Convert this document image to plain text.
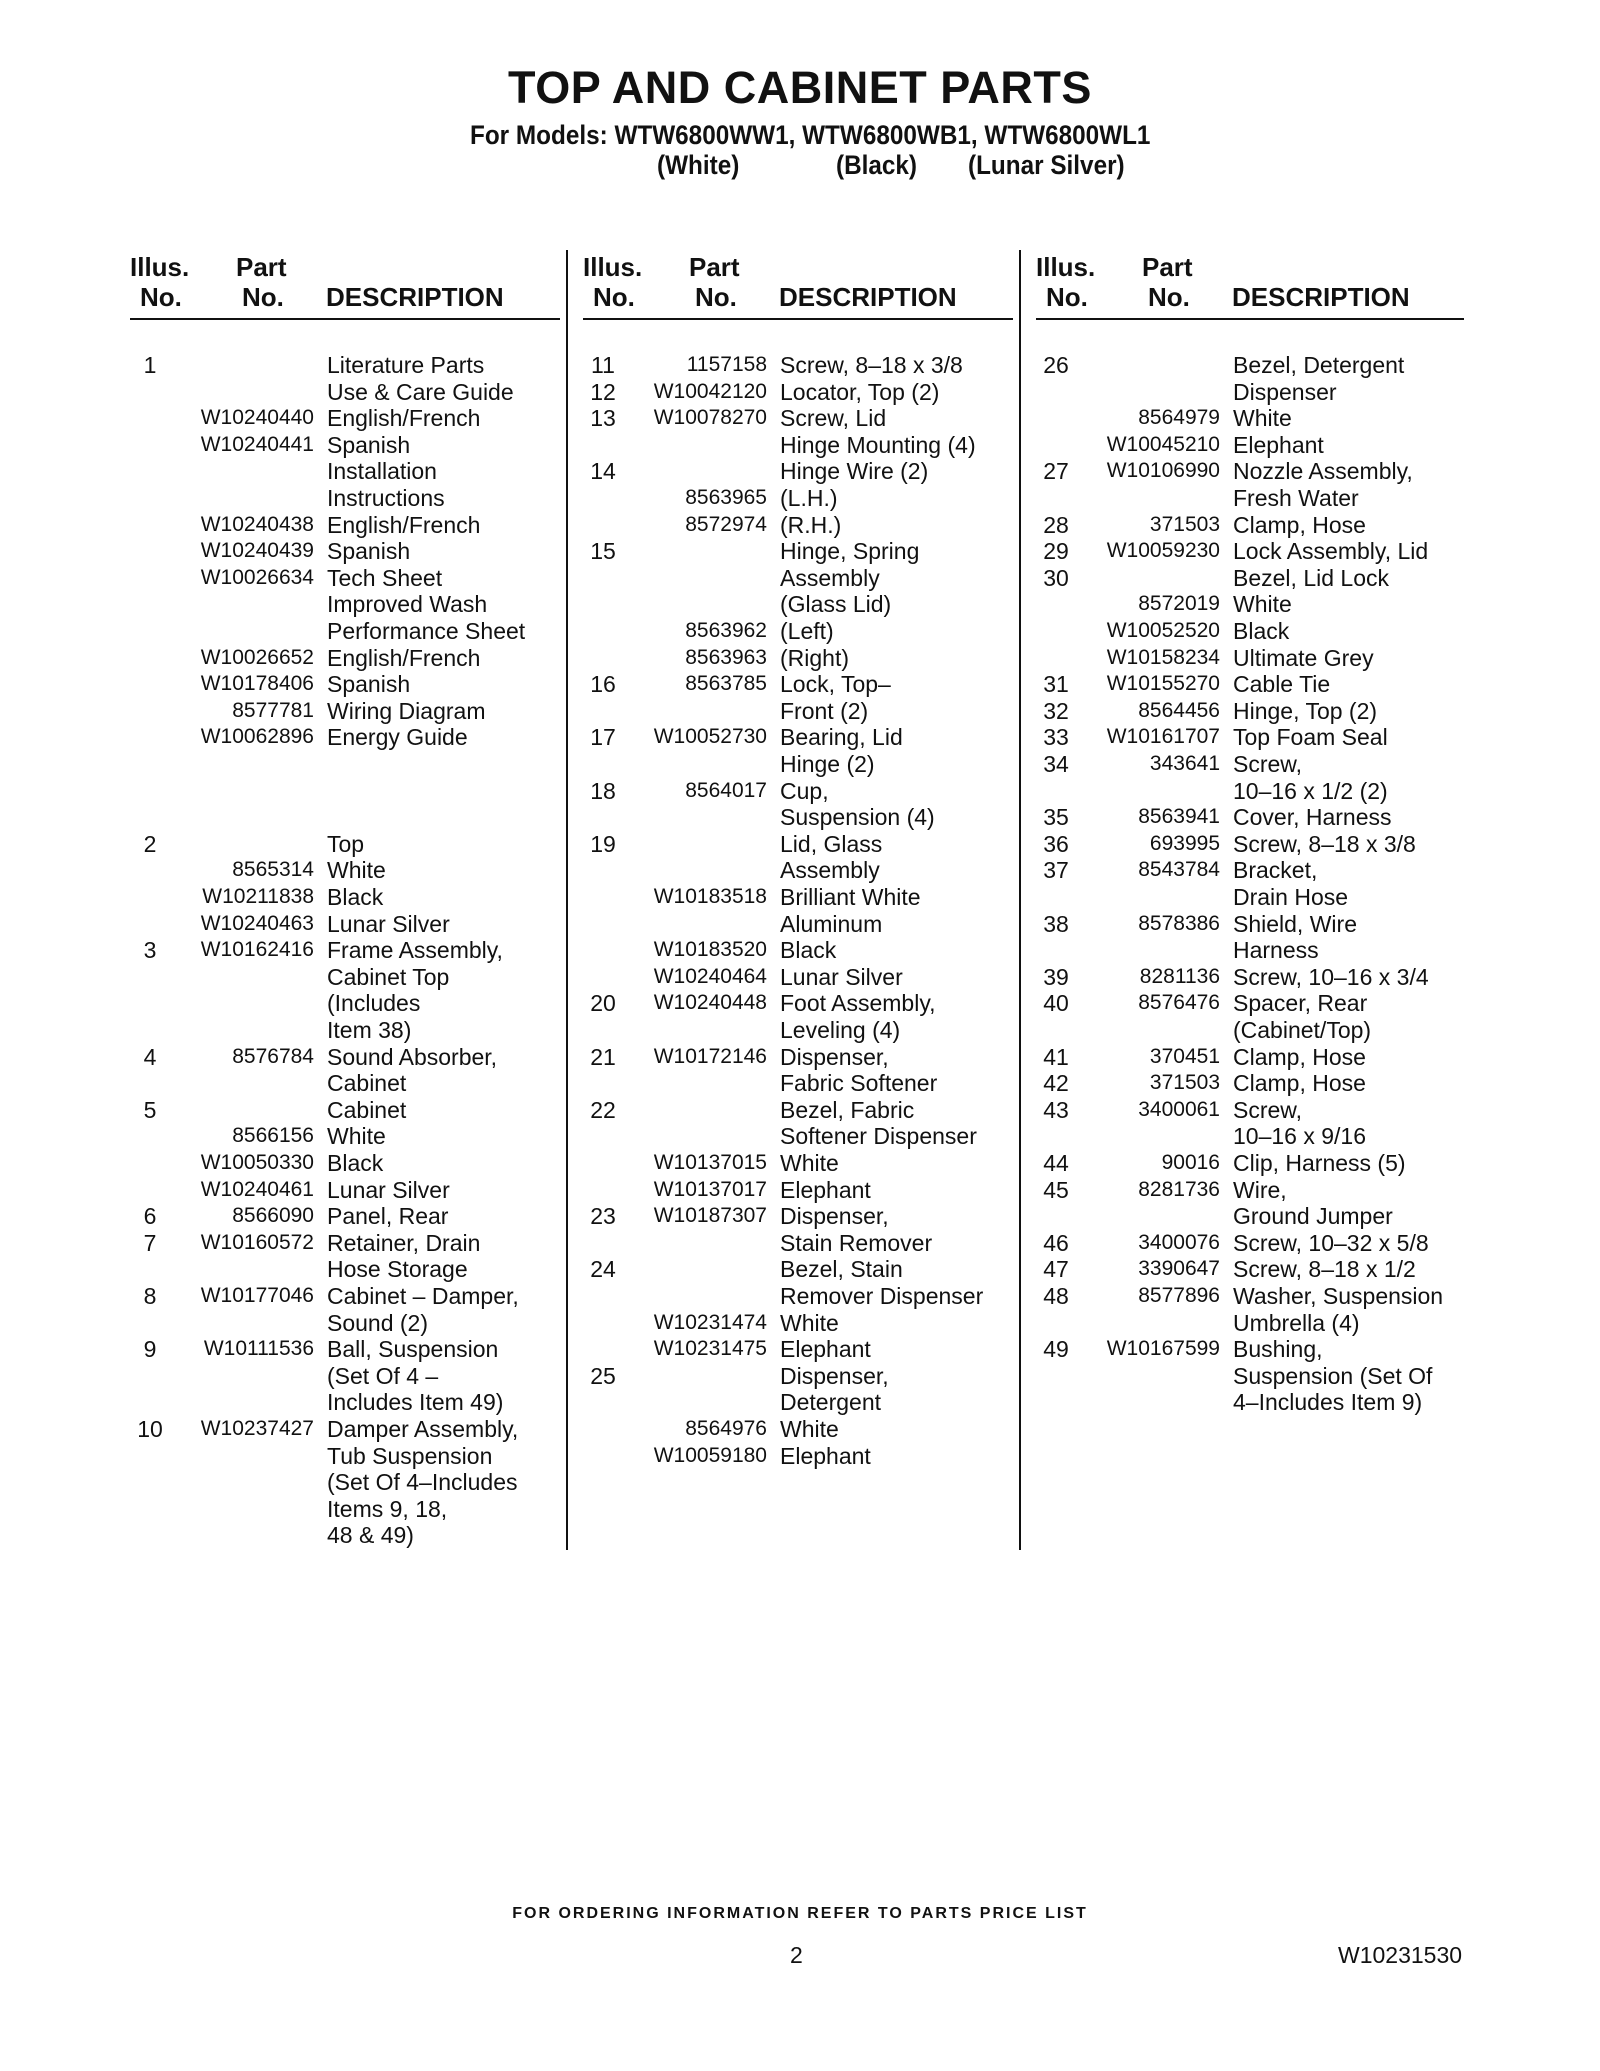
TOP AND CABINET PARTS
For Models: WTW6800WW1, WTW6800WB1, WTW6800WL1
(White)	(Black) (Lunar Silver)
Illus. Part
No. No. DESCRIPTION
1	Literature Parts
Use & Care Guide
W10240440 English/French
W10240441 Spanish
Installation
Instructions
W10240438 English/French
W10240439 Spanish
W10026634 Tech Sheet
Improved Wash
Performance Sheet
W10026652 English/French
W10178406 Spanish
8577781 Wiring Diagram
W10062896 Energy Guide
2	Top
8565314 White
W10211838 Black
W10240463 Lunar Silver
3	W10162416 Frame Assembly,
Cabinet Top
(Includes
Item 38)
4	8576784 Sound Absorber,
Cabinet
5	Cabinet
8566156 White
W10050330 Black
W10240461 Lunar Silver
6	8566090 Panel, Rear
7	W10160572 Retainer, Drain
Hose Storage
8	W10177046 Cabinet – Damper,
Sound (2)
9	W10111536 Ball, Suspension
(Set Of 4 –
Includes Item 49)
10	W10237427 Damper Assembly,
Tub Suspension
(Set Of 4–Includes
Items 9, 18,
48 & 49)
Illus. Part
No. No. DESCRIPTION
11	1157158 Screw, 8–18 x 3/8
12	W10042120 Locator, Top (2)
13	W10078270 Screw, Lid
Hinge Mounting (4)
14	Hinge Wire (2)
8563965 (L.H.)
8572974 (R.H.)
15	Hinge, Spring
Assembly
(Glass Lid)
8563962 (Left)
8563963 (Right)
16	8563785 Lock, Top–
Front (2)
17	W10052730 Bearing, Lid
Hinge (2)
18	8564017 Cup,
Suspension (4)
19	Lid, Glass
Assembly
W10183518 Brilliant White
Aluminum
W10183520 Black
W10240464 Lunar Silver
20	W10240448 Foot Assembly,
Leveling (4)
21	W10172146 Dispenser,
Fabric Softener
22	Bezel, Fabric
Softener Dispenser
W10137015 White
W10137017 Elephant
23	W10187307 Dispenser,
Stain Remover
24	Bezel, Stain
Remover Dispenser
W10231474 White
W10231475 Elephant
25	Dispenser,
Detergent
8564976 White
W10059180 Elephant
Illus. Part
No. No. DESCRIPTION
26	Bezel, Detergent
Dispenser
8564979 White
W10045210 Elephant
27	W10106990 Nozzle Assembly,
Fresh Water
28	371503 Clamp, Hose
29	W10059230 Lock Assembly, Lid
30	Bezel, Lid Lock
8572019 White
W10052520 Black
W10158234 Ultimate Grey
31	W10155270 Cable Tie
32	8564456 Hinge, Top (2)
33	W10161707 Top Foam Seal
34	343641 Screw,
10–16 x 1/2 (2)
35	8563941 Cover, Harness
36	693995 Screw, 8–18 x 3/8
37	8543784 Bracket,
Drain Hose
38	8578386 Shield, Wire
Harness
39	8281136 Screw, 10–16 x 3/4
40	8576476 Spacer, Rear
(Cabinet/Top)
41	370451 Clamp, Hose
42	371503 Clamp, Hose
43	3400061 Screw,
10–16 x 9/16
44	90016 Clip, Harness (5)
45	8281736 Wire,
Ground Jumper
46	3400076 Screw, 10–32 x 5/8
47	3390647 Screw, 8–18 x 1/2
48	8577896 Washer, Suspension
Umbrella (4)
49	W10167599 Bushing,
Suspension (Set Of
4–Includes Item 9)
FOR ORDERING INFORMATION REFER TO PARTS PRICE LIST
2	W10231530
